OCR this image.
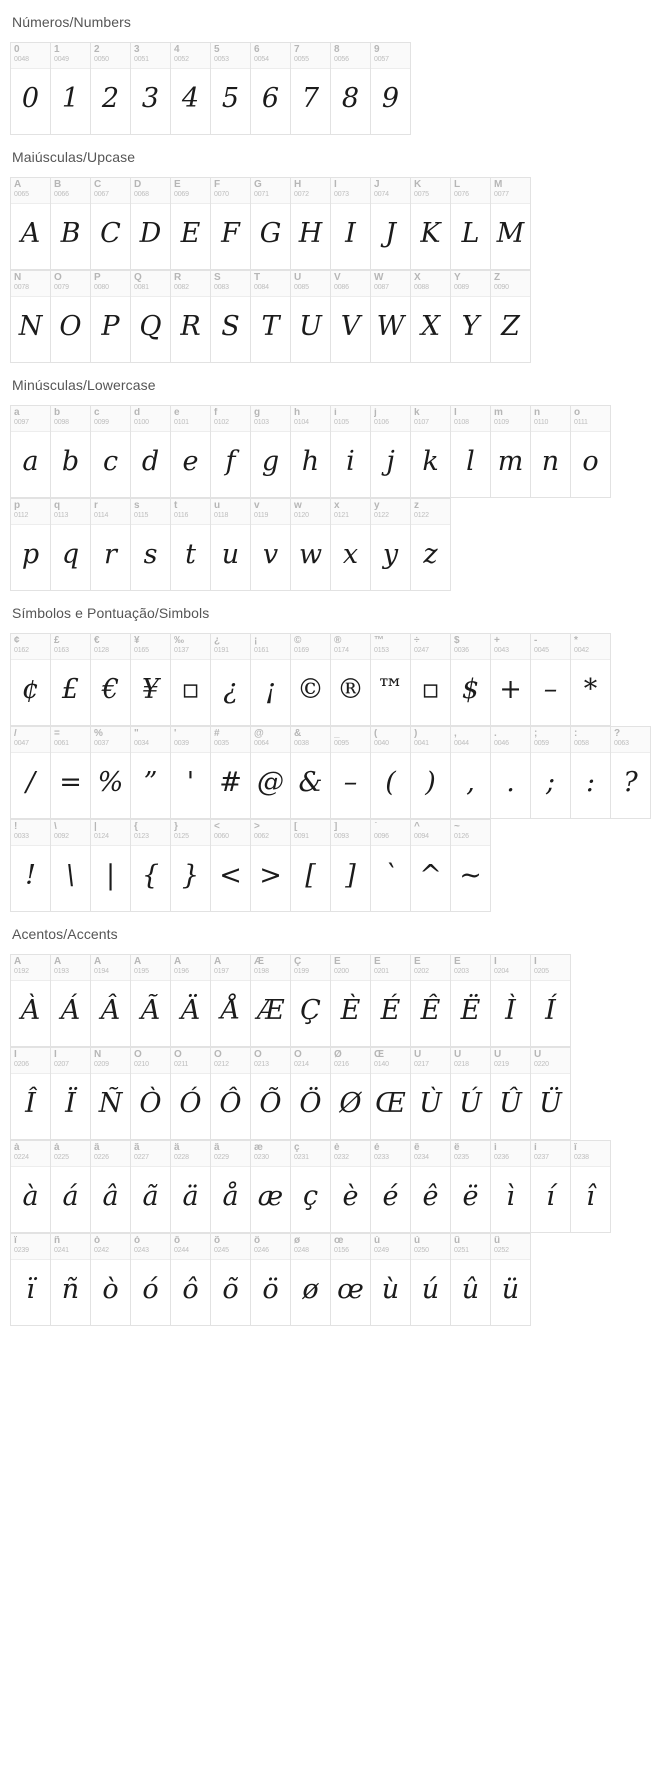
Números/Numbers
0
0048
0
1
0049
1
2
0050
2
3
0051
3
4
0052
4
5
0053
5
6
0054
6
7
0055
7
8
0056
8
9
0057
9
Maiúsculas/Upcase
A
0065
A
B
0066
B
C
0067
C
D
0068
D
E
0069
E
F
0070
F
G
0071
G
H
0072
H
I
0073
I
J
0074
J
K
0075
K
L
0076
L
M
0077
M
N
0078
N
O
0079
O
P
0080
P
Q
0081
Q
R
0082
R
S
0083
S
T
0084
T
U
0085
U
V
0086
V
W
0087
W
X
0088
X
Y
0089
Y
Z
0090
Z
Minúsculas/Lowercase
a
0097
a
b
0098
b
c
0099
c
d
0100
d
e
0101
e
f
0102
f
g
0103
g
h
0104
h
i
0105
i
j
0106
j
k
0107
k
l
0108
l
m
0109
m
n
0110
n
o
0111
o
p
0112
p
q
0113
q
r
0114
r
s
0115
s
t
0116
t
u
0118
u
v
0119
v
w
0120
w
x
0121
x
y
0122
y
z
0122
z
Símbolos e Pontuação/Simbols
¢
0162
¢
£
0163
£
€
0128
€
¥
0165
¥
‰
0137
▫
¿
0191
¿
¡
0161
¡
©
0169
©
®
0174
®
™
0153
™
÷
0247
▫
$
0036
$
+
0043
+
-
0045
–
*
0042
*
/
0047
/
=
0061
=
%
0037
%
"
0034
”
'
0039
'
#
0035
#
@
0064
@
&
0038
&
_
0095
–
(
0040
(
)
0041
)
,
0044
,
.
0046
.
;
0059
;
:
0058
:
?
0063
?
!
0033
!
\
0092
\
|
0124
|
{
0123
{
}
0125
}
<
0060
<
>
0062
>
[
0091
[
]
0093
]
`
0096
`
^
0094
^
~
0126
~
Acentos/Accents
À
0192
À
Á
0193
Á
Â
0194
Â
Ã
0195
Ã
Ä
0196
Ä
Å
0197
Å
Æ
0198
Æ
Ç
0199
Ç
È
0200
È
É
0201
É
Ê
0202
Ê
Ë
0203
Ë
Ì
0204
Ì
Í
0205
Í
Î
0206
Î
Ï
0207
Ï
Ñ
0209
Ñ
Ò
0210
Ò
Ó
0211
Ó
Ô
0212
Ô
Õ
0213
Õ
Ö
0214
Ö
Ø
0216
Ø
Œ
0140
Œ
Ù
0217
Ù
Ú
0218
Ú
Û
0219
Û
Ü
0220
Ü
à
0224
à
á
0225
á
â
0226
â
ã
0227
ã
ä
0228
ä
â
0229
å
æ
0230
æ
ç
0231
ç
è
0232
è
é
0233
é
ê
0234
ê
ë
0235
ë
ì
0236
ì
í
0237
í
î
0238
î
ï
0239
ï
ñ
0241
ñ
ò
0242
ò
ó
0243
ó
ô
0244
ô
õ
0245
õ
ö
0246
ö
ø
0248
ø
œ
0156
œ
ù
0249
ù
ú
0250
ú
û
0251
û
ü
0252
ü
